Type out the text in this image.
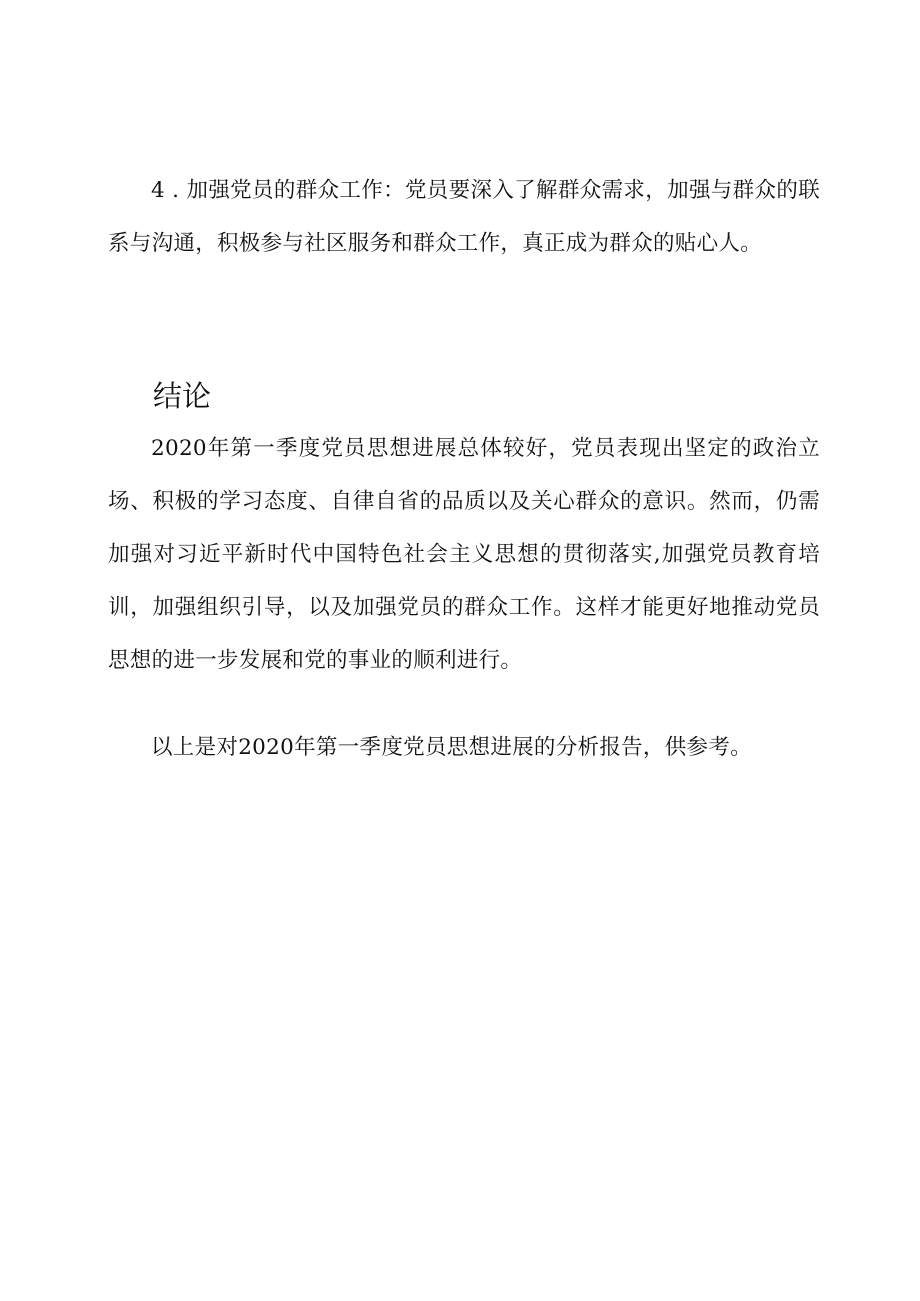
4 . 加强党员的群众工作：党员要深入了解群众需求，加强与群众的联系与沟通，积极参与社区服务和群众工作，真正成为群众的贴心人。

结论

2020年第一季度党员思想进展总体较好，党员表现出坚定的政治立场、积极的学习态度、自律自省的品质以及关心群众的意识。然而，仍需加强对习近平新时代中国特色社会主义思想的贯彻落实,加强党员教育培训，加强组织引导，以及加强党员的群众工作。这样才能更好地推动党员思想的进一步发展和党的事业的顺利进行。

以上是对2020年第一季度党员思想进展的分析报告，供参考。
